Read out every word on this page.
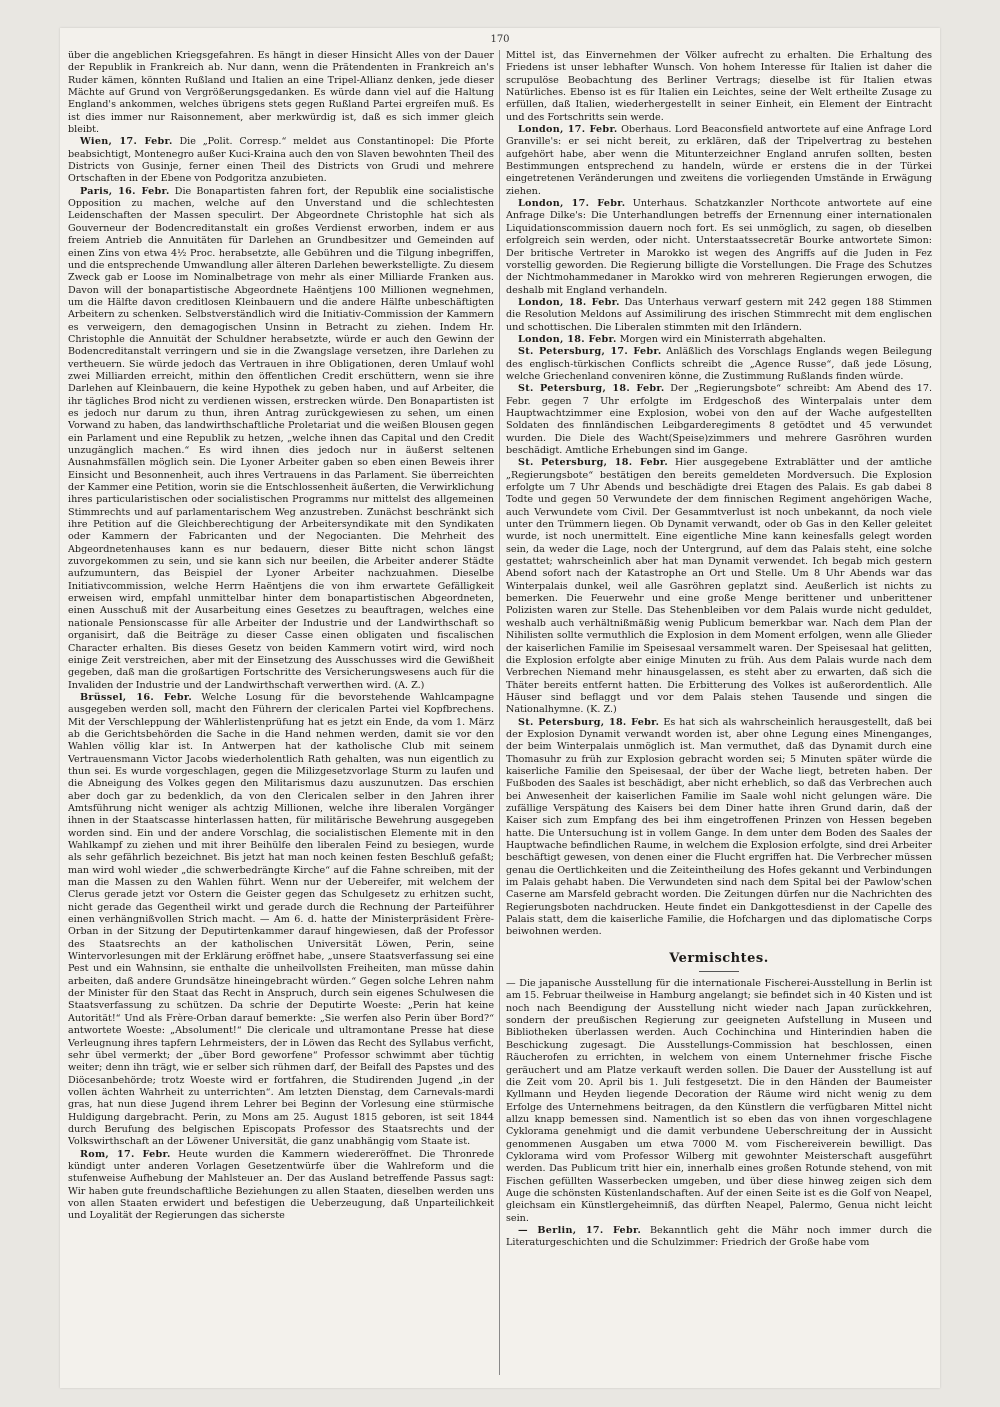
170

über die angeblichen Kriegsgefahren. Es hängt in dieser Hinsicht Alles von der Dauer der Republik in Frankreich ab. Nur dann, wenn die Prätendenten in Frankreich an's Ruder kämen, könnten Rußland und Italien an eine Tripel-Allianz denken, jede dieser Mächte auf Grund von Vergrößerungsgedanken. Es würde dann viel auf die Haltung England's ankommen, welches übrigens stets gegen Rußland Partei ergreifen muß. Es ist dies immer nur Raisonnement, aber merkwürdig ist, daß es sich immer gleich bleibt.

Wien, 17. Febr. Die „Polit. Corresp.“ meldet aus Constantinopel: Die Pforte beabsichtigt, Montenegro außer Kuci-Kraina auch den von Slaven bewohnten Theil des Districts von Gusinje, ferner einen Theil des Districts von Grudi und mehrere Ortschaften in der Ebene von Podgoritza anzubieten.

Paris, 16. Febr. Die Bonapartisten fahren fort, der Republik eine socialistische Opposition zu machen, welche auf den Unverstand und die schlechtesten Leidenschaften der Massen speculirt. Der Abgeordnete Christophle hat sich als Gouverneur der Bodencreditanstalt ein großes Verdienst erworben, indem er aus freiem Antrieb die Annuitäten für Darlehen an Grundbesitzer und Gemeinden auf einen Zins von etwa 4½ Proc. herabsetzte, alle Gebühren und die Tilgung inbegriffen, und die entsprechende Umwandlung aller älteren Darlehen bewerkstelligte. Zu diesem Zweck gab er Loose im Nominalbetrage von mehr als einer Milliarde Franken aus. Davon will der bonapartistische Abgeordnete Haëntjens 100 Millionen wegnehmen, um die Hälfte davon creditlosen Kleinbauern und die andere Hälfte unbeschäftigten Arbeitern zu schenken. Selbstverständlich wird die Initiativ-Commission der Kammern es verweigern, den demagogischen Unsinn in Betracht zu ziehen. Indem Hr. Christophle die Annuität der Schuldner herabsetzte, würde er auch den Gewinn der Bodencreditanstalt verringern und sie in die Zwangslage versetzen, ihre Darlehen zu vertheuern. Sie würde jedoch das Vertrauen in ihre Obligationen, deren Umlauf wohl zwei Milliarden erreicht, mithin den öffentlichen Credit erschüttern, wenn sie ihre Darlehen auf Kleinbauern, die keine Hypothek zu geben haben, und auf Arbeiter, die ihr tägliches Brod nicht zu verdienen wissen, erstrecken würde. Den Bonapartisten ist es jedoch nur darum zu thun, ihren Antrag zurückgewiesen zu sehen, um einen Vorwand zu haben, das landwirthschaftliche Proletariat und die weißen Blousen gegen ein Parlament und eine Republik zu hetzen, „welche ihnen das Capital und den Credit unzugänglich machen.“ Es wird ihnen dies jedoch nur in äußerst seltenen Ausnahmsfällen möglich sein. Die Lyoner Arbeiter gaben so eben einen Beweis ihrer Einsicht und Besonnenheit, auch ihres Vertrauens in das Parlament. Sie überreichten der Kammer eine Petition, worin sie die Entschlossenheit äußerten, die Verwirklichung ihres particularistischen oder socialistischen Programms nur mittelst des allgemeinen Stimmrechts und auf parlamentarischem Weg anzustreben. Zunächst beschränkt sich ihre Petition auf die Gleichberechtigung der Arbeitersyndikate mit den Syndikaten oder Kammern der Fabricanten und der Negocianten. Die Mehrheit des Abgeordnetenhauses kann es nur bedauern, dieser Bitte nicht schon längst zuvorgekommen zu sein, und sie kann sich nur beeilen, die Arbeiter anderer Städte aufzumuntern, das Beispiel der Lyoner Arbeiter nachzuahmen. Dieselbe Initiativcommission, welche Herrn Haëntjens die von ihm erwartete Gefälligkeit erweisen wird, empfahl unmittelbar hinter dem bonapartistischen Abgeordneten, einen Ausschuß mit der Ausarbeitung eines Gesetzes zu beauftragen, welches eine nationale Pensionscasse für alle Arbeiter der Industrie und der Landwirthschaft so organisirt, daß die Beiträge zu dieser Casse einen obligaten und fiscalischen Character erhalten. Bis dieses Gesetz von beiden Kammern votirt wird, wird noch einige Zeit verstreichen, aber mit der Einsetzung des Ausschusses wird die Gewißheit gegeben, daß man die großartigen Fortschritte des Versicherungswesens auch für die Invaliden der Industrie und der Landwirthschaft verwerthen wird. (A. Z.)

Brüssel, 16. Febr. Welche Losung für die bevorstehende Wahlcampagne ausgegeben werden soll, macht den Führern der clericalen Partei viel Kopfbrechens. Mit der Verschleppung der Wählerlistenprüfung hat es jetzt ein Ende, da vom 1. März ab die Gerichtsbehörden die Sache in die Hand nehmen werden, damit sie vor den Wahlen völlig klar ist. In Antwerpen hat der katholische Club mit seinem Vertrauensmann Victor Jacobs wiederholentlich Rath gehalten, was nun eigentlich zu thun sei. Es wurde vorgeschlagen, gegen die Milizgesetzvorlage Sturm zu laufen und die Abneigung des Volkes gegen den Militarismus dazu auszunutzen. Das erschien aber doch gar zu bedenklich, da von den Clericalen selber in den Jahren ihrer Amtsführung nicht weniger als achtzig Millionen, welche ihre liberalen Vorgänger ihnen in der Staatscasse hinterlassen hatten, für militärische Bewehrung ausgegeben worden sind. Ein und der andere Vorschlag, die socialistischen Elemente mit in den Wahlkampf zu ziehen und mit ihrer Beihülfe den liberalen Feind zu besiegen, wurde als sehr gefährlich bezeichnet. Bis jetzt hat man noch keinen festen Beschluß gefaßt; man wird wohl wieder „die schwerbedrängte Kirche“ auf die Fahne schreiben, mit der man die Massen zu den Wahlen führt. Wenn nur der Uebereifer, mit welchem der Clerus gerade jetzt vor Ostern die Geister gegen das Schulgesetz zu erhitzen sucht, nicht gerade das Gegentheil wirkt und gerade durch die Rechnung der Parteiführer einen verhängnißvollen Strich macht. — Am 6. d. hatte der Ministerpräsident Frère-Orban in der Sitzung der Deputirtenkammer darauf hingewiesen, daß der Professor des Staatsrechts an der katholischen Universität Löwen, Perin, seine Wintervorlesungen mit der Erklärung eröffnet habe, „unsere Staatsverfassung sei eine Pest und ein Wahnsinn, sie enthalte die unheilvollsten Freiheiten, man müsse dahin arbeiten, daß andere Grundsätze hineingebracht würden.“ Gegen solche Lehren nahm der Minister für den Staat das Recht in Anspruch, durch sein eigenes Schulwesen die Staatsverfassung zu schützen. Da schrie der Deputirte Woeste: „Perin hat keine Autorität!“ Und als Frère-Orban darauf bemerkte: „Sie werfen also Perin über Bord?“ antwortete Woeste: „Absolument!“ Die clericale und ultramontane Presse hat diese Verleugnung ihres tapfern Lehrmeisters, der in Löwen das Recht des Syllabus verficht, sehr übel vermerkt; der „über Bord geworfene“ Professor schwimmt aber tüchtig weiter; denn ihn trägt, wie er selber sich rühmen darf, der Beifall des Papstes und des Diöcesanbehörde; trotz Woeste wird er fortfahren, die Studirenden Jugend „in der vollen ächten Wahrheit zu unterrichten“. Am letzten Dienstag, dem Carnevals-mardi gras, hat nun diese Jugend ihrem Lehrer bei Beginn der Vorlesung eine stürmische Huldigung dargebracht. Perin, zu Mons am 25. August 1815 geboren, ist seit 1844 durch Berufung des belgischen Episcopats Professor des Staatsrechts und der Volkswirthschaft an der Löwener Universität, die ganz unabhängig vom Staate ist.

Rom, 17. Febr. Heute wurden die Kammern wiedereröffnet. Die Thronrede kündigt unter anderen Vorlagen Gesetzentwürfe über die Wahlreform und die stufenweise Aufhebung der Mahlsteuer an. Der das Ausland betreffende Passus sagt: Wir haben gute freundschaftliche Beziehungen zu allen Staaten, dieselben werden uns von allen Staaten erwidert und befestigen die Ueberzeugung, daß Unparteilichkeit und Loyalität der Regierungen das sicherste

Mittel ist, das Einvernehmen der Völker aufrecht zu erhalten. Die Erhaltung des Friedens ist unser lebhafter Wunsch. Von hohem Interesse für Italien ist daher die scrupulöse Beobachtung des Berliner Vertrags; dieselbe ist für Italien etwas Natürliches. Ebenso ist es für Italien ein Leichtes, seine der Welt ertheilte Zusage zu erfüllen, daß Italien, wiederhergestellt in seiner Einheit, ein Element der Eintracht und des Fortschritts sein werde.

London, 17. Febr. Oberhaus. Lord Beaconsfield antwortete auf eine Anfrage Lord Granville's: er sei nicht bereit, zu erklären, daß der Tripelvertrag zu bestehen aufgehört habe, aber wenn die Mitunterzeichner England anrufen sollten, besten Bestimmungen entsprechend zu handeln, würde er erstens die in der Türkei eingetretenen Veränderungen und zweitens die vorliegenden Umstände in Erwägung ziehen.

London, 17. Febr. Unterhaus. Schatzkanzler Northcote antwortete auf eine Anfrage Dilke's: Die Unterhandlungen betreffs der Ernennung einer internationalen Liquidationscommission dauern noch fort. Es sei unmöglich, zu sagen, ob dieselben erfolgreich sein werden, oder nicht. Unterstaatssecretär Bourke antwortete Simon: Der britische Vertreter in Marokko ist wegen des Angriffs auf die Juden in Fez vorstellig geworden. Die Regierung billigte die Vorstellungen. Die Frage des Schutzes der Nichtmohammedaner in Marokko wird von mehreren Regierungen erwogen, die deshalb mit England verhandeln.

London, 18. Febr. Das Unterhaus verwarf gestern mit 242 gegen 188 Stimmen die Resolution Meldons auf Assimilirung des irischen Stimmrecht mit dem englischen und schottischen. Die Liberalen stimmten mit den Irländern.

London, 18. Febr. Morgen wird ein Ministerrath abgehalten.

St. Petersburg, 17. Febr. Anläßlich des Vorschlags Englands wegen Beilegung des englisch-türkischen Conflicts schreibt die „Agence Russe“, daß jede Lösung, welche Griechenland conveniren könne, die Zustimmung Rußlands finden würde.

St. Petersburg, 18. Febr. Der „Regierungsbote“ schreibt: Am Abend des 17. Febr. gegen 7 Uhr erfolgte im Erdgeschoß des Winterpalais unter dem Hauptwachtzimmer eine Explosion, wobei von den auf der Wache aufgestellten Soldaten des finnländischen Leibgarderegiments 8 getödtet und 45 verwundet wurden. Die Diele des Wacht(Speise)zimmers und mehrere Gasröhren wurden beschädigt. Amtliche Erhebungen sind im Gange.

St. Petersburg, 18. Febr. Hier ausgegebene Extrablätter und der amtliche „Regierungsbote“ bestätigen den bereits gemeldeten Mordversuch. Die Explosion erfolgte um 7 Uhr Abends und beschädigte drei Etagen des Palais. Es gab dabei 8 Todte und gegen 50 Verwundete der dem finnischen Regiment angehörigen Wache, auch Verwundete vom Civil. Der Gesammtverlust ist noch unbekannt, da noch viele unter den Trümmern liegen. Ob Dynamit verwandt, oder ob Gas in den Keller geleitet wurde, ist noch unermittelt. Eine eigentliche Mine kann keinesfalls gelegt worden sein, da weder die Lage, noch der Untergrund, auf dem das Palais steht, eine solche gestattet; wahrscheinlich aber hat man Dynamit verwendet. Ich begab mich gestern Abend sofort nach der Katastrophe an Ort und Stelle. Um 8 Uhr Abends war das Winterpalais dunkel, weil alle Gasröhren geplatzt sind. Aeußerlich ist nichts zu bemerken. Die Feuerwehr und eine große Menge berittener und unberittener Polizisten waren zur Stelle. Das Stehenbleiben vor dem Palais wurde nicht geduldet, weshalb auch verhältnißmäßig wenig Publicum bemerkbar war. Nach dem Plan der Nihilisten sollte vermuthlich die Explosion in dem Moment erfolgen, wenn alle Glieder der kaiserlichen Familie im Speisesaal versammelt waren. Der Speisesaal hat gelitten, die Explosion erfolgte aber einige Minuten zu früh. Aus dem Palais wurde nach dem Verbrechen Niemand mehr hinausgelassen, es steht aber zu erwarten, daß sich die Thäter bereits entfernt hatten. Die Erbitterung des Volkes ist außerordentlich. Alle Häuser sind beflaggt und vor dem Palais stehen Tausende und singen die Nationalhymne. (K. Z.)

St. Petersburg, 18. Febr. Es hat sich als wahrscheinlich herausgestellt, daß bei der Explosion Dynamit verwandt worden ist, aber ohne Legung eines Minenganges, der beim Winterpalais unmöglich ist. Man vermuthet, daß das Dynamit durch eine Thomasuhr zu früh zur Explosion gebracht worden sei; 5 Minuten später würde die kaiserliche Familie den Speisesaal, der über der Wache liegt, betreten haben. Der Fußboden des Saales ist beschädigt, aber nicht erheblich, so daß das Verbrechen auch bei Anwesenheit der kaiserlichen Familie im Saale wohl nicht gelungen wäre. Die zufällige Verspätung des Kaisers bei dem Diner hatte ihren Grund darin, daß der Kaiser sich zum Empfang des bei ihm eingetroffenen Prinzen von Hessen begeben hatte. Die Untersuchung ist in vollem Gange. In dem unter dem Boden des Saales der Hauptwache befindlichen Raume, in welchem die Explosion erfolgte, sind drei Arbeiter beschäftigt gewesen, von denen einer die Flucht ergriffen hat. Die Verbrecher müssen genau die Oertlichkeiten und die Zeiteintheilung des Hofes gekannt und Verbindungen im Palais gehabt haben. Die Verwundeten sind nach dem Spital bei der Pawlow'schen Caserne am Marsfeld gebracht worden. Die Zeitungen dürfen nur die Nachrichten des Regierungsboten nachdrucken. Heute findet ein Dankgottesdienst in der Capelle des Palais statt, dem die kaiserliche Familie, die Hofchargen und das diplomatische Corps beiwohnen werden.

Vermischtes.

— Die japanische Ausstellung für die internationale Fischerei-Ausstellung in Berlin ist am 15. Februar theilweise in Hamburg angelangt; sie befindet sich in 40 Kisten und ist noch nach Beendigung der Ausstellung nicht wieder nach Japan zurückkehren, sondern der preußischen Regierung zur geeigneten Aufstellung in Museen und Bibliotheken überlassen werden. Auch Cochinchina und Hinterindien haben die Beschickung zugesagt. Die Ausstellungs-Commission hat beschlossen, einen Räucherofen zu errichten, in welchem von einem Unternehmer frische Fische geräuchert und am Platze verkauft werden sollen. Die Dauer der Ausstellung ist auf die Zeit vom 20. April bis 1. Juli festgesetzt. Die in den Händen der Baumeister Kyllmann und Heyden liegende Decoration der Räume wird nicht wenig zu dem Erfolge des Unternehmens beitragen, da den Künstlern die verfügbaren Mittel nicht allzu knapp bemessen sind. Namentlich ist so eben das von ihnen vorgeschlagene Cyklorama genehmigt und die damit verbundene Ueberschreitung der in Aussicht genommenen Ausgaben um etwa 7000 M. vom Fischereiverein bewilligt. Das Cyklorama wird vom Professor Wilberg mit gewohnter Meisterschaft ausgeführt werden. Das Publicum tritt hier ein, innerhalb eines großen Rotunde stehend, von mit Fischen gefüllten Wasserbecken umgeben, und über diese hinweg zeigen sich dem Auge die schönsten Küstenlandschaften. Auf der einen Seite ist es die Golf von Neapel, gleichsam ein Künstlergeheimniß, das dürften Neapel, Palermo, Genua nicht leicht sein.

— Berlin, 17. Febr. Bekanntlich geht die Mähr noch immer durch die Literaturgeschichten und die Schulzimmer: Friedrich der Große habe vom
